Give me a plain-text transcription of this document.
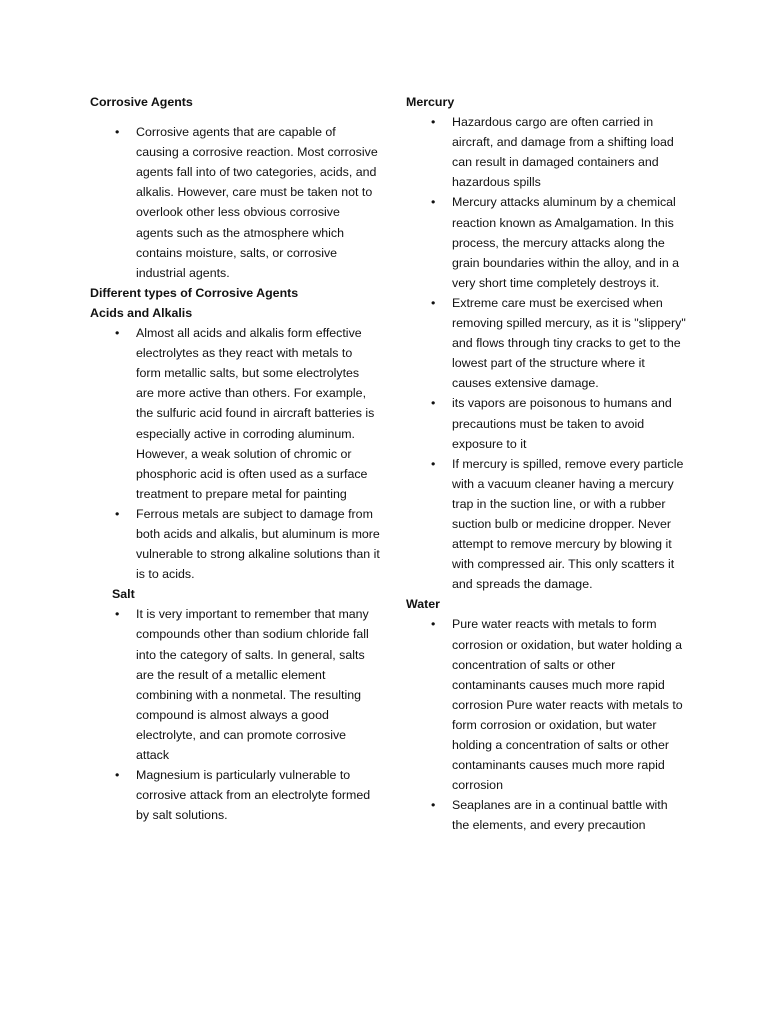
Corrosive Agents
• Corrosive agents that are capable of causing a corrosive reaction. Most corrosive agents fall into of two categories, acids, and alkalis. However, care must be taken not to overlook other less obvious corrosive agents such as the atmosphere which contains moisture, salts, or corrosive industrial agents.
Different types of Corrosive Agents
Acids and Alkalis
• Almost all acids and alkalis form effective electrolytes as they react with metals to form metallic salts, but some electrolytes are more active than others. For example, the sulfuric acid found in aircraft batteries is especially active in corroding aluminum. However, a weak solution of chromic or phosphoric acid is often used as a surface treatment to prepare metal for painting
• Ferrous metals are subject to damage from both acids and alkalis, but aluminum is more vulnerable to strong alkaline solutions than it is to acids.
Salt
• It is very important to remember that many compounds other than sodium chloride fall into the category of salts. In general, salts are the result of a metallic element combining with a nonmetal. The resulting compound is almost always a good electrolyte, and can promote corrosive attack
• Magnesium is particularly vulnerable to corrosive attack from an electrolyte formed by salt solutions.
Mercury
• Hazardous cargo are often carried in aircraft, and damage from a shifting load can result in damaged containers and hazardous spills
• Mercury attacks aluminum by a chemical reaction known as Amalgamation. In this process, the mercury attacks along the grain boundaries within the alloy, and in a very short time completely destroys it.
• Extreme care must be exercised when removing spilled mercury, as it is "slippery" and flows through tiny cracks to get to the lowest part of the structure where it causes extensive damage.
• its vapors are poisonous to humans and precautions must be taken to avoid exposure to it
• If mercury is spilled, remove every particle with a vacuum cleaner having a mercury trap in the suction line, or with a rubber suction bulb or medicine dropper. Never attempt to remove mercury by blowing it with compressed air. This only scatters it and spreads the damage.
Water
• Pure water reacts with metals to form corrosion or oxidation, but water holding a concentration of salts or other contaminants causes much more rapid corrosion Pure water reacts with metals to form corrosion or oxidation, but water holding a concentration of salts or other contaminants causes much more rapid corrosion
• Seaplanes are in a continual battle with the elements, and every precaution
